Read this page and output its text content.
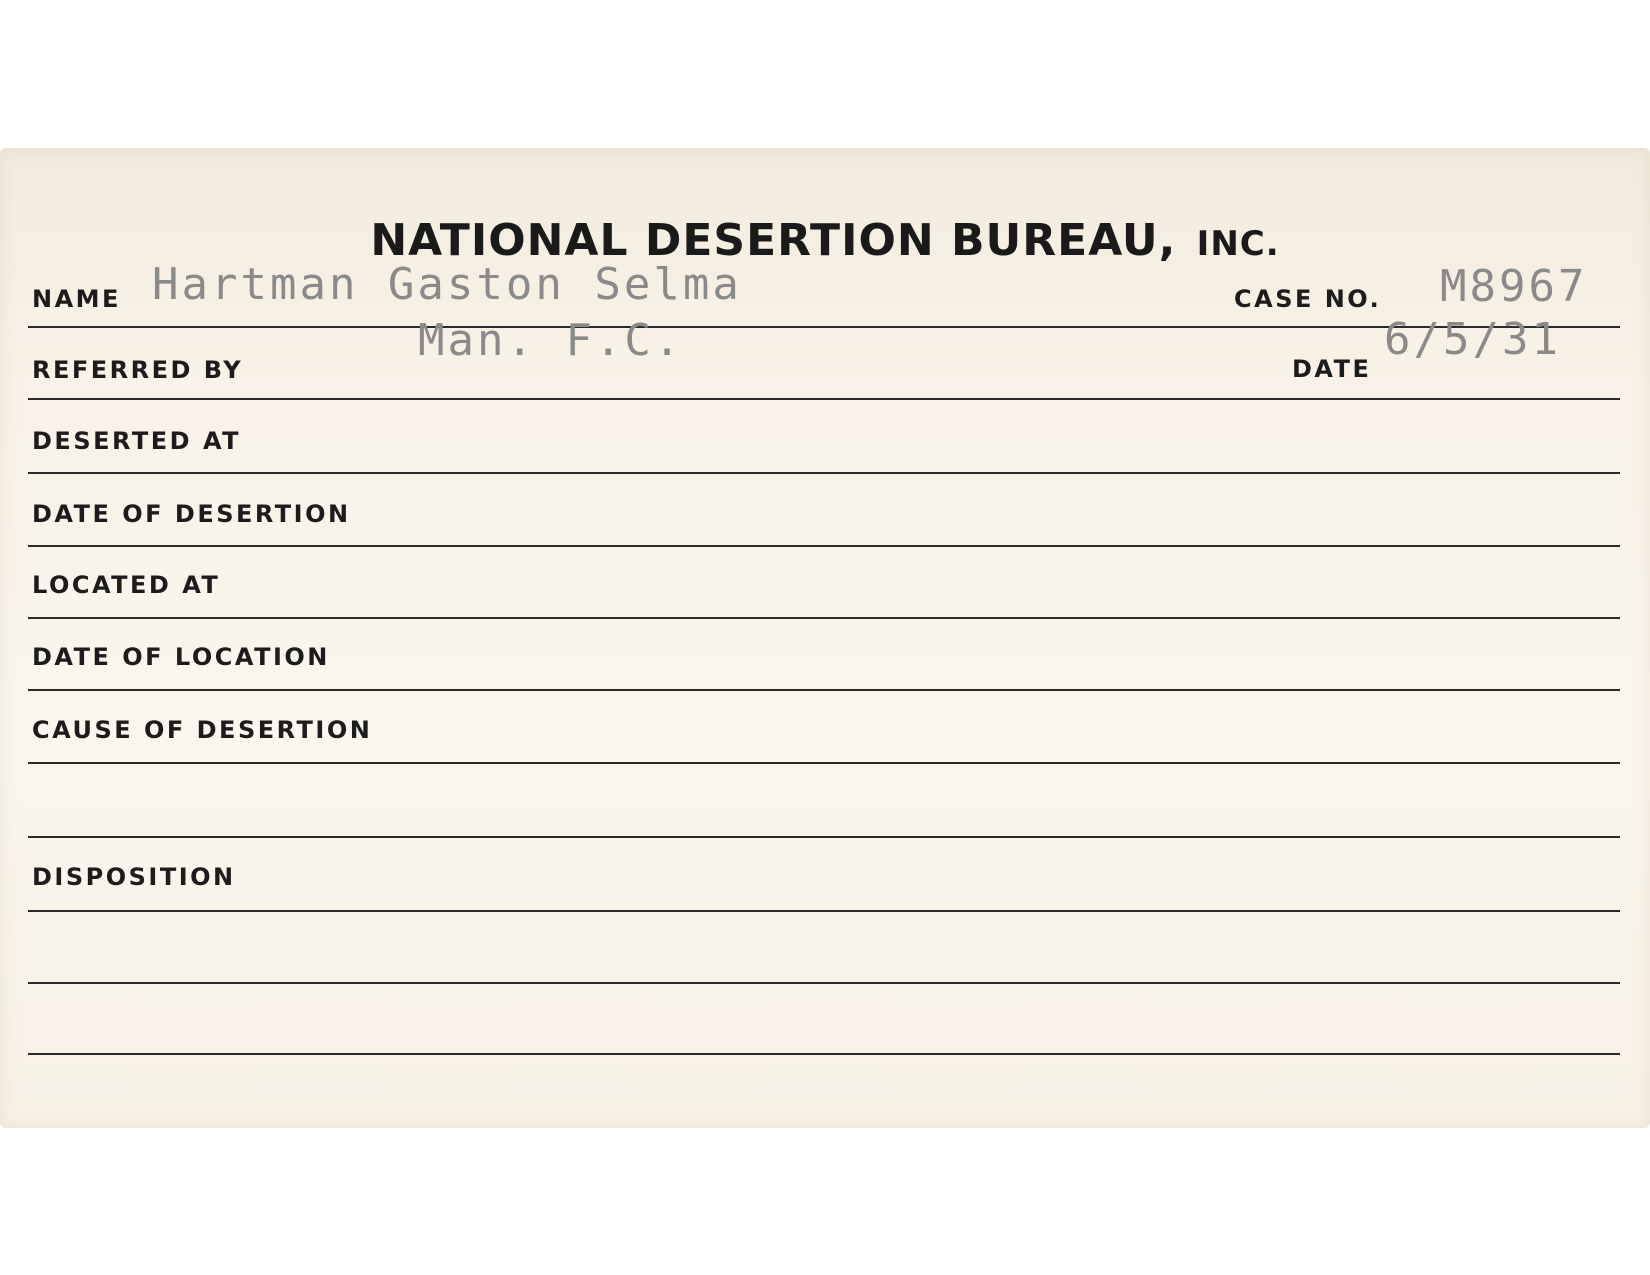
NATIONAL DESERTION BUREAU, INC.
NAME Hartman Gaston Selma	CASE NO. M8967
REFERRED BY
Man. F.C.
DATE
6/5/31
DESERTED AT
DATE OF DESERTION
LOCATED AT
DATE OF LOCATION
CAUSE OF DESERTION
DISPOSITION
